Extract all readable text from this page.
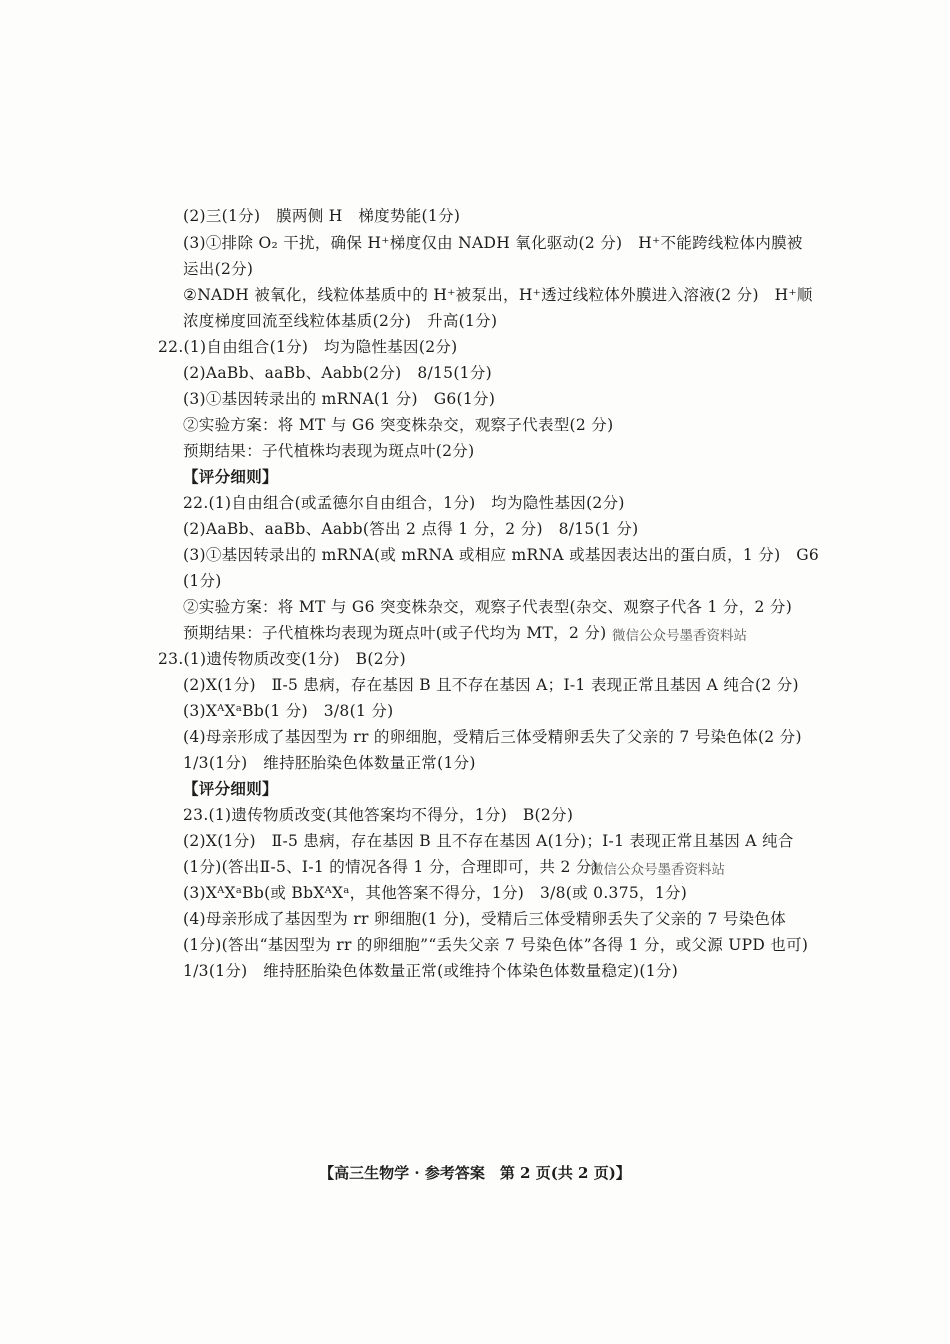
(2)三(1分)　膜两侧 H　梯度势能(1分)
(3)①排除 O₂ 干扰，确保 H⁺梯度仅由 NADH 氧化驱动(2 分)　H⁺不能跨线粒体内膜被
运出(2分)
②NADH 被氧化，线粒体基质中的 H⁺被泵出，H⁺透过线粒体外膜进入溶液(2 分)　H⁺顺
浓度梯度回流至线粒体基质(2分)　升高(1分)
22.(1)自由组合(1分)　均为隐性基因(2分)
(2)AaBb、aaBb、Aabb(2分)　8/15(1分)
(3)①基因转录出的 mRNA(1 分)　G6(1分)
②实验方案：将 MT 与 G6 突变株杂交，观察子代表型(2 分)
预期结果：子代植株均表现为斑点叶(2分)
【评分细则】
22.(1)自由组合(或孟德尔自由组合，1分)　均为隐性基因(2分)
(2)AaBb、aaBb、Aabb(答出 2 点得 1 分，2 分)　8/15(1 分)
(3)①基因转录出的 mRNA(或 mRNA 或相应 mRNA 或基因表达出的蛋白质，1 分)　G6
(1分)
②实验方案：将 MT 与 G6 突变株杂交，观察子代表型(杂交、观察子代各 1 分，2 分)
预期结果：子代植株均表现为斑点叶(或子代均为 MT，2 分) 微信公众号墨香资料站
23.(1)遗传物质改变(1分)　B(2分)
(2)X(1分)　Ⅱ-5 患病，存在基因 B 且不存在基因 A；Ⅰ-1 表现正常且基因 A 纯合(2 分)
(3)XᴬXᵃBb(1 分)　3/8(1 分)
(4)母亲形成了基因型为 rr 的卵细胞，受精后三体受精卵丢失了父亲的 7 号染色体(2 分)
1/3(1分)　维持胚胎染色体数量正常(1分)
【评分细则】
23.(1)遗传物质改变(其他答案均不得分，1分)　B(2分)
(2)X(1分)　Ⅱ-5 患病，存在基因 B 且不存在基因 A(1分)；Ⅰ-1 表现正常且基因 A 纯合
(1分)(答出Ⅱ-5、Ⅰ-1 的情况各得 1 分，合理即可，共 2 分)
微信公众号墨香资料站
(3)XᴬXᵃBb(或 BbXᴬXᵃ，其他答案不得分，1分)　3/8(或 0.375，1分)
(4)母亲形成了基因型为 rr 卵细胞(1 分)，受精后三体受精卵丢失了父亲的 7 号染色体
(1分)(答出“基因型为 rr 的卵细胞”“丢失父亲 7 号染色体”各得 1 分，或父源 UPD 也可)
1/3(1分)　维持胚胎染色体数量正常(或维持个体染色体数量稳定)(1分)
【高三生物学 · 参考答案　第 2 页(共 2 页)】
